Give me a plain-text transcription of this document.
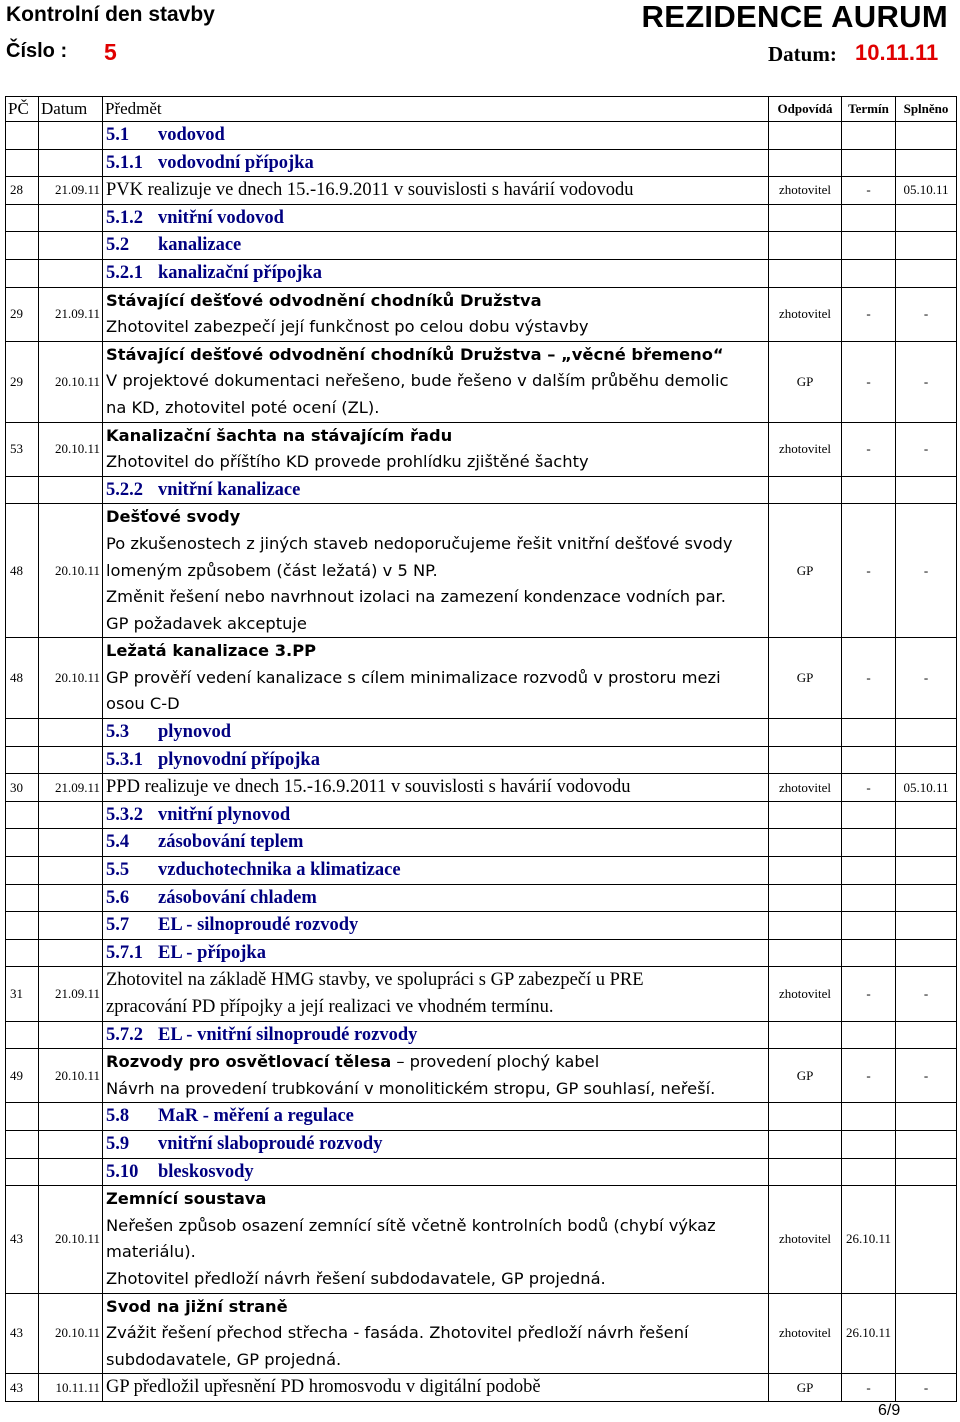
Kontrolní den stavby	REZIDENCE AURUM
Číslo : 5	Datum: 10.11.11
PČ	Datum	Předmět	Odpovídá	Termín	Splněno
		5.1 vodovod			
		5.1.1 vodovodní přípojka			
28	21.09.11	PVK realizuje ve dnech 15.-16.9.2011 v souvislosti s havárií vodovodu	zhotovitel	-	05.10.11
		5.1.2 vnitřní vodovod			
		5.2 kanalizace			
		5.2.1 kanalizační přípojka			
29	21.09.11	Stávající dešťové odvodnění chodníků Družstva
Zhotovitel zabezpečí její funkčnost po celou dobu výstavby	zhotovitel	-	-
29	20.10.11	Stávající dešťové odvodnění chodníků Družstva – „věcné břemeno“
V projektové dokumentaci neřešeno, bude řešeno v dalším průběhu demolic
na KD, zhotovitel poté ocení (ZL).	GP	-	-
53	20.10.11	Kanalizační šachta na stávajícím řadu
Zhotovitel do příštího KD provede prohlídku zjištěné šachty	zhotovitel	-	-
		5.2.2 vnitřní kanalizace			
48	20.10.11	Dešťové svody
Po zkušenostech z jiných staveb nedoporučujeme řešit vnitřní dešťové svody
lomeným způsobem (část ležatá) v 5 NP.
Změnit řešení nebo navrhnout izolaci na zamezení kondenzace vodních par.
GP požadavek akceptuje	GP	-	-
48	20.10.11	Ležatá kanalizace 3.PP
GP prověří vedení kanalizace s cílem minimalizace rozvodů v prostoru mezi
osou C-D	GP	-	-
		5.3 plynovod			
		5.3.1 plynovodní přípojka			
30	21.09.11	PPD realizuje ve dnech 15.-16.9.2011 v souvislosti s havárií vodovodu	zhotovitel	-	05.10.11
		5.3.2 vnitřní plynovod			
		5.4 zásobování teplem			
		5.5 vzduchotechnika a klimatizace			
		5.6 zásobování chladem			
		5.7 EL - silnoproudé rozvody			
		5.7.1 EL - přípojka			
31	21.09.11	Zhotovitel na základě HMG stavby, ve spolupráci s GP zabezpečí u PRE
zpracování PD přípojky a její realizaci ve vhodném termínu.	zhotovitel	-	-
		5.7.2 EL - vnitřní silnoproudé rozvody			
49	20.10.11	Rozvody pro osvětlovací tělesa – provedení plochý kabel
Návrh na provedení trubkování v monolitickém stropu, GP souhlasí, neřeší.	GP	-	-
		5.8 MaR - měření a regulace			
		5.9 vnitřní slaboproudé rozvody			
		5.10 bleskosvody			
43	20.10.11	Zemnící soustava
Neřešen způsob osazení zemnící sítě včetně kontrolních bodů (chybí výkaz
materiálu).
Zhotovitel předloží návrh řešení subdodavatele, GP projedná.	zhotovitel	26.10.11	
43	20.10.11	Svod na jižní straně
Zvážit řešení přechod střecha - fasáda. Zhotovitel předloží návrh řešení
subdodavatele, GP projedná.	zhotovitel	26.10.11	
43	10.11.11	GP předložil upřesnění PD hromosvodu v digitální podobě	GP	-	-
6/9
